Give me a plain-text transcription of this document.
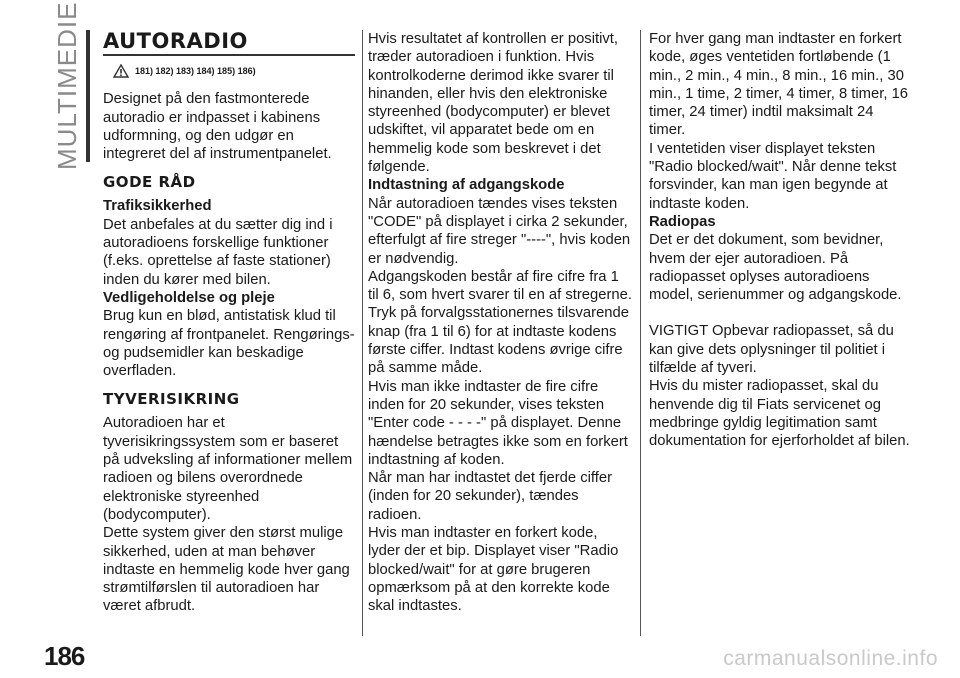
MULTIMEDIE	AUTORADIO
181) 182) 183) 184) 185) 186)

Designet på den fastmonterede autoradio er indpasset i kabinens udformning, og den udgør en integreret del af instrumentpanelet.

GODE RÅD

Trafiksikkerhed

Det anbefales at du sætter dig ind i autoradioens forskellige funktioner (f.eks. oprettelse af faste stationer) inden du kører med bilen.

Vedligeholdelse og pleje

Brug kun en blød, antistatisk klud til rengøring af frontpanelet. Rengørings- og pudsemidler kan beskadige overfladen.

TYVERISIKRING

Autoradioen har et tyverisikringssystem som er baseret på udveksling af informationer mellem radioen og bilens overordnede elektroniske styreenhed (bodycomputer).

Dette system giver den størst mulige sikkerhed, uden at man behøver indtaste en hemmelig kode hver gang strømtilførslen til autoradioen har været afbrudt.

Hvis resultatet af kontrollen er positivt, træder autoradioen i funktion. Hvis kontrolkoderne derimod ikke svarer til hinanden, eller hvis den elektroniske styreenhed (bodycomputer) er blevet udskiftet, vil apparatet bede om en hemmelig kode som beskrevet i det følgende.

Indtastning af adgangskode

Når autoradioen tændes vises teksten "CODE" på displayet i cirka 2 sekunder, efterfulgt af fire streger "----", hvis koden er nødvendig.

Adgangskoden består af fire cifre fra 1 til 6, som hvert svarer til en af stregerne. Tryk på forvalgsstationernes tilsvarende knap (fra 1 til 6) for at indtaste kodens første ciffer. Indtast kodens øvrige cifre på samme måde.

Hvis man ikke indtaster de fire cifre inden for 20 sekunder, vises teksten "Enter code - - - -" på displayet. Denne hændelse betragtes ikke som en forkert indtastning af koden.

Når man har indtastet det fjerde ciffer (inden for 20 sekunder), tændes radioen.

Hvis man indtaster en forkert kode, lyder der et bip. Displayet viser "Radio blocked/wait" for at gøre brugeren opmærksom på at den korrekte kode skal indtastes.

For hver gang man indtaster en forkert kode, øges ventetiden fortløbende (1 min., 2 min., 4 min., 8 min., 16 min., 30 min., 1 time, 2 timer, 4 timer, 8 timer, 16 timer, 24 timer) indtil maksimalt 24 timer.

I ventetiden viser displayet teksten "Radio blocked/wait". Når denne tekst forsvinder, kan man igen begynde at indtaste koden.

Radiopas

Det er det dokument, som bevidner, hvem der ejer autoradioen. På radiopasset oplyses autoradioens model, serienummer og adgangskode.

VIGTIGT Opbevar radiopasset, så du kan give dets oplysninger til politiet i tilfælde af tyveri.

Hvis du mister radiopasset, skal du henvende dig til Fiats servicenet og medbringe gyldig legitimation samt dokumentation for ejerforholdet af bilen.

186	carmanualsonline.info
